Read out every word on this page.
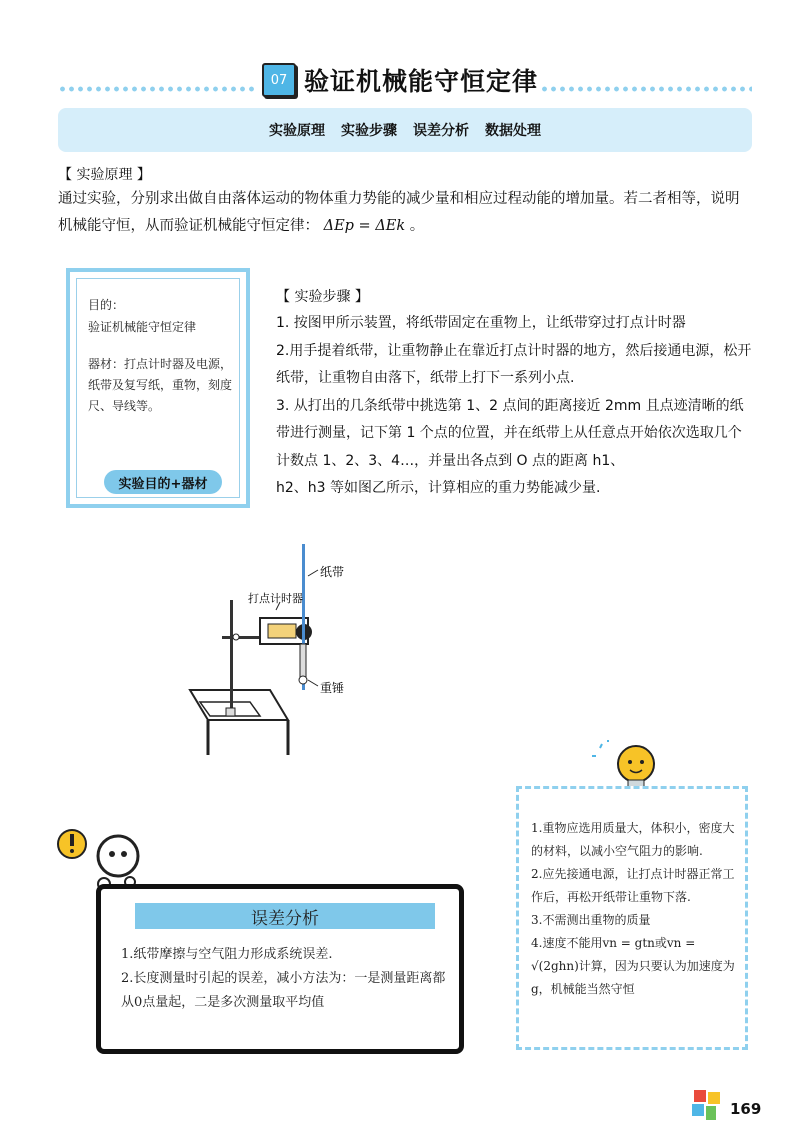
07 验证机械能守恒定律
实验原理 实验步骤 误差分析 数据处理
【 实验原理 】
通过实验，分别求出做自由落体运动的物体重力势能的减少量和相应过程动能的增加量。若二者相等，说明机械能守恒，从而验证机械能守恒定律： ΔEp = ΔEk 。
目的：
验证机械能守恒定律
器材：打点计时器及电源，纸带及复写纸，重物，刻度尺、导线等。
实验目的+器材
【 实验步骤 】
1. 按图甲所示装置，将纸带固定在重物上，让纸带穿过打点计时器
2.用手提着纸带，让重物静止在靠近打点计时器的地方，然后接通电源，松开纸带，让重物自由落下，纸带上打下一系列小点.
3. 从打出的几条纸带中挑选第 1、2 点间的距离接近 2mm 且点迹清晰的纸带进行测量，记下第 1 个点的位置，并在纸带上从任意点开始依次选取几个计数点 1、2、3、4…，并量出各点到 O 点的距离 h1、
h2、h3 等如图乙所示，计算相应的重力势能减少量.
纸带
打点计时器
重锤
1.重物应选用质量大，体积小，密度大的材料，以减小空气阻力的影响.
2.应先接通电源，让打点计时器正常工作后，再松开纸带让重物下落.
3.不需测出重物的质量
4.速度不能用vn = gtn或vn = √(2ghn)计算，因为只要认为加速度为g，机械能当然守恒
误差分析
1.纸带摩擦与空气阻力形成系统误差.
2.长度测量时引起的误差，减小方法为：一是测量距离都从0点量起，二是多次测量取平均值
169
